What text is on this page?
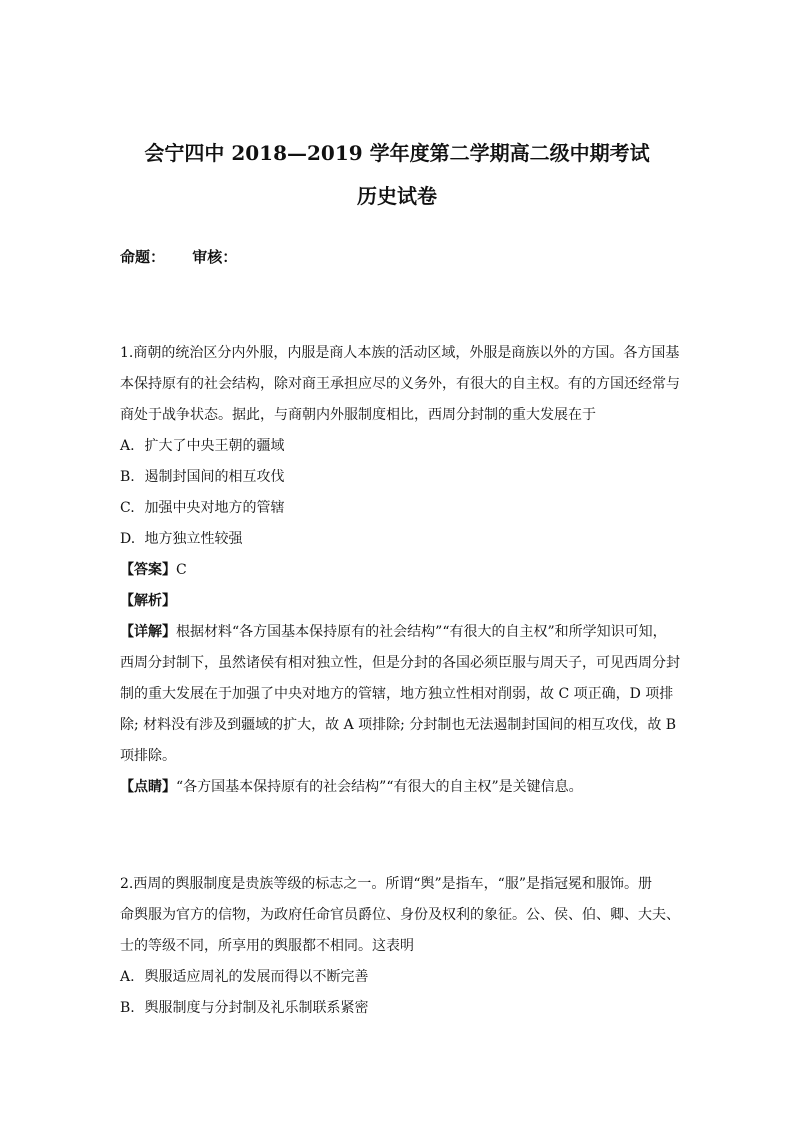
会宁四中 2018—2019 学年度第二学期高二级中期考试
历史试卷
命题： 审核：
1.商朝的统治区分内外服，内服是商人本族的活动区域，外服是商族以外的方国。各方国基
本保持原有的社会结构，除对商王承担应尽的义务外，有很大的自主权。有的方国还经常与
商处于战争状态。据此，与商朝内外服制度相比，西周分封制的重大发展在于
A. 扩大了中央王朝的疆域
B. 遏制封国间的相互攻伐
C. 加强中央对地方的管辖
D. 地方独立性较强
【答案】C
【解析】
【详解】根据材料“各方国基本保持原有的社会结构”“有很大的自主权”和所学知识可知，
西周分封制下，虽然诸侯有相对独立性，但是分封的各国必须臣服与周天子，可见西周分封
制的重大发展在于加强了中央对地方的管辖，地方独立性相对削弱，故 C 项正确，D 项排
除; 材料没有涉及到疆域的扩大，故 A 项排除; 分封制也无法遏制封国间的相互攻伐，故 B
项排除。
【点睛】“各方国基本保持原有的社会结构”“有很大的自主权”是关键信息。
2.西周的舆服制度是贵族等级的标志之一。所谓“舆”是指车，“服”是指冠冕和服饰。册
命舆服为官方的信物，为政府任命官员爵位、身份及权利的象征。公、侯、伯、卿、大夫、
士的等级不同，所享用的舆服都不相同。这表明
A. 舆服适应周礼的发展而得以不断完善
B. 舆服制度与分封制及礼乐制联系紧密
